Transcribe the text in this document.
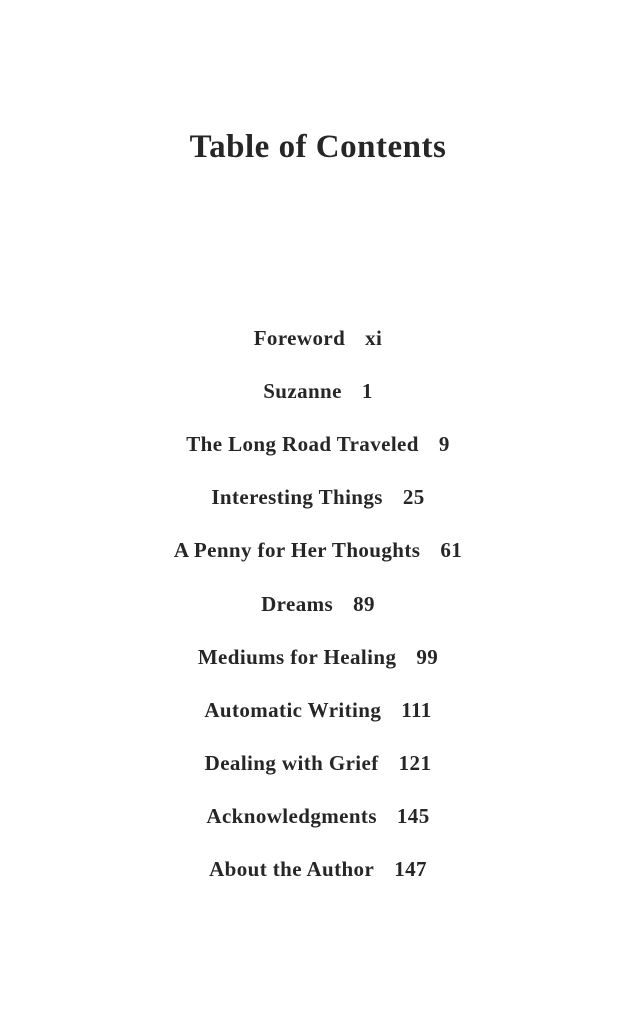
Table of Contents
Foreword xi
Suzanne 1
The Long Road Traveled 9
Interesting Things 25
A Penny for Her Thoughts 61
Dreams 89
Mediums for Healing 99
Automatic Writing 111
Dealing with Grief 121
Acknowledgments 145
About the Author 147
